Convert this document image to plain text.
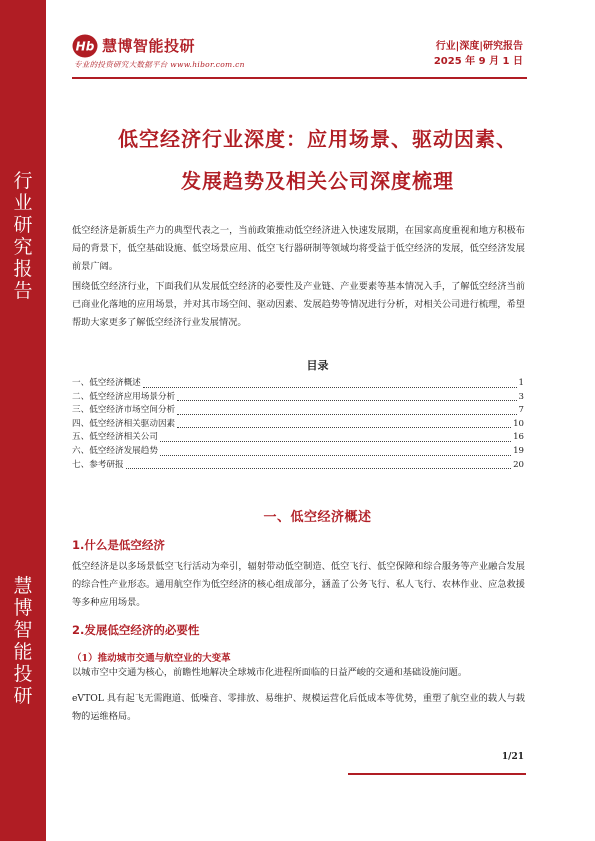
行
业
研
究
报
告
慧
博
智
能
投
研
Hb 慧博智能投研
专业的投资研究大数据平台 www.hibor.com.cn
行业|深度|研究报告
2025 年 9 月 1 日
低空经济行业深度：应用场景、驱动因素、
发展趋势及相关公司深度梳理

低空经济是新质生产力的典型代表之一，当前政策推动低空经济进入快速发展期，在国家高度重视和地方积极布局的背景下，低空基础设施、低空场景应用、低空飞行器研制等领域均将受益于低空经济的发展，低空经济发展前景广阔。

围绕低空经济行业，下面我们从发展低空经济的必要性及产业链、产业要素等基本情况入手，了解低空经济当前已商业化落地的应用场景，并对其市场空间、驱动因素、发展趋势等情况进行分析，对相关公司进行梳理，希望帮助大家更多了解低空经济行业发展情况。

目录
一、低空经济概述	1
二、低空经济应用场景分析	3
三、低空经济市场空间分析	7
四、低空经济相关驱动因素	10
五、低空经济相关公司	16
六、低空经济发展趋势	19
七、参考研报	20
一、低空经济概述
1.什么是低空经济

低空经济是以多场景低空飞行活动为牵引，辐射带动低空制造、低空飞行、低空保障和综合服务等产业融合发展的综合性产业形态。通用航空作为低空经济的核心组成部分，涵盖了公务飞行、私人飞行、农林作业、应急救援等多种应用场景。

2.发展低空经济的必要性
（1）推动城市交通与航空业的大变革

以城市空中交通为核心，前瞻性地解决全球城市化进程所面临的日益严峻的交通和基础设施问题。

eVTOL 具有起飞无需跑道、低噪音、零排放、易维护、规模运营化后低成本等优势，重塑了航空业的载人与载物的运维格局。

1/21
